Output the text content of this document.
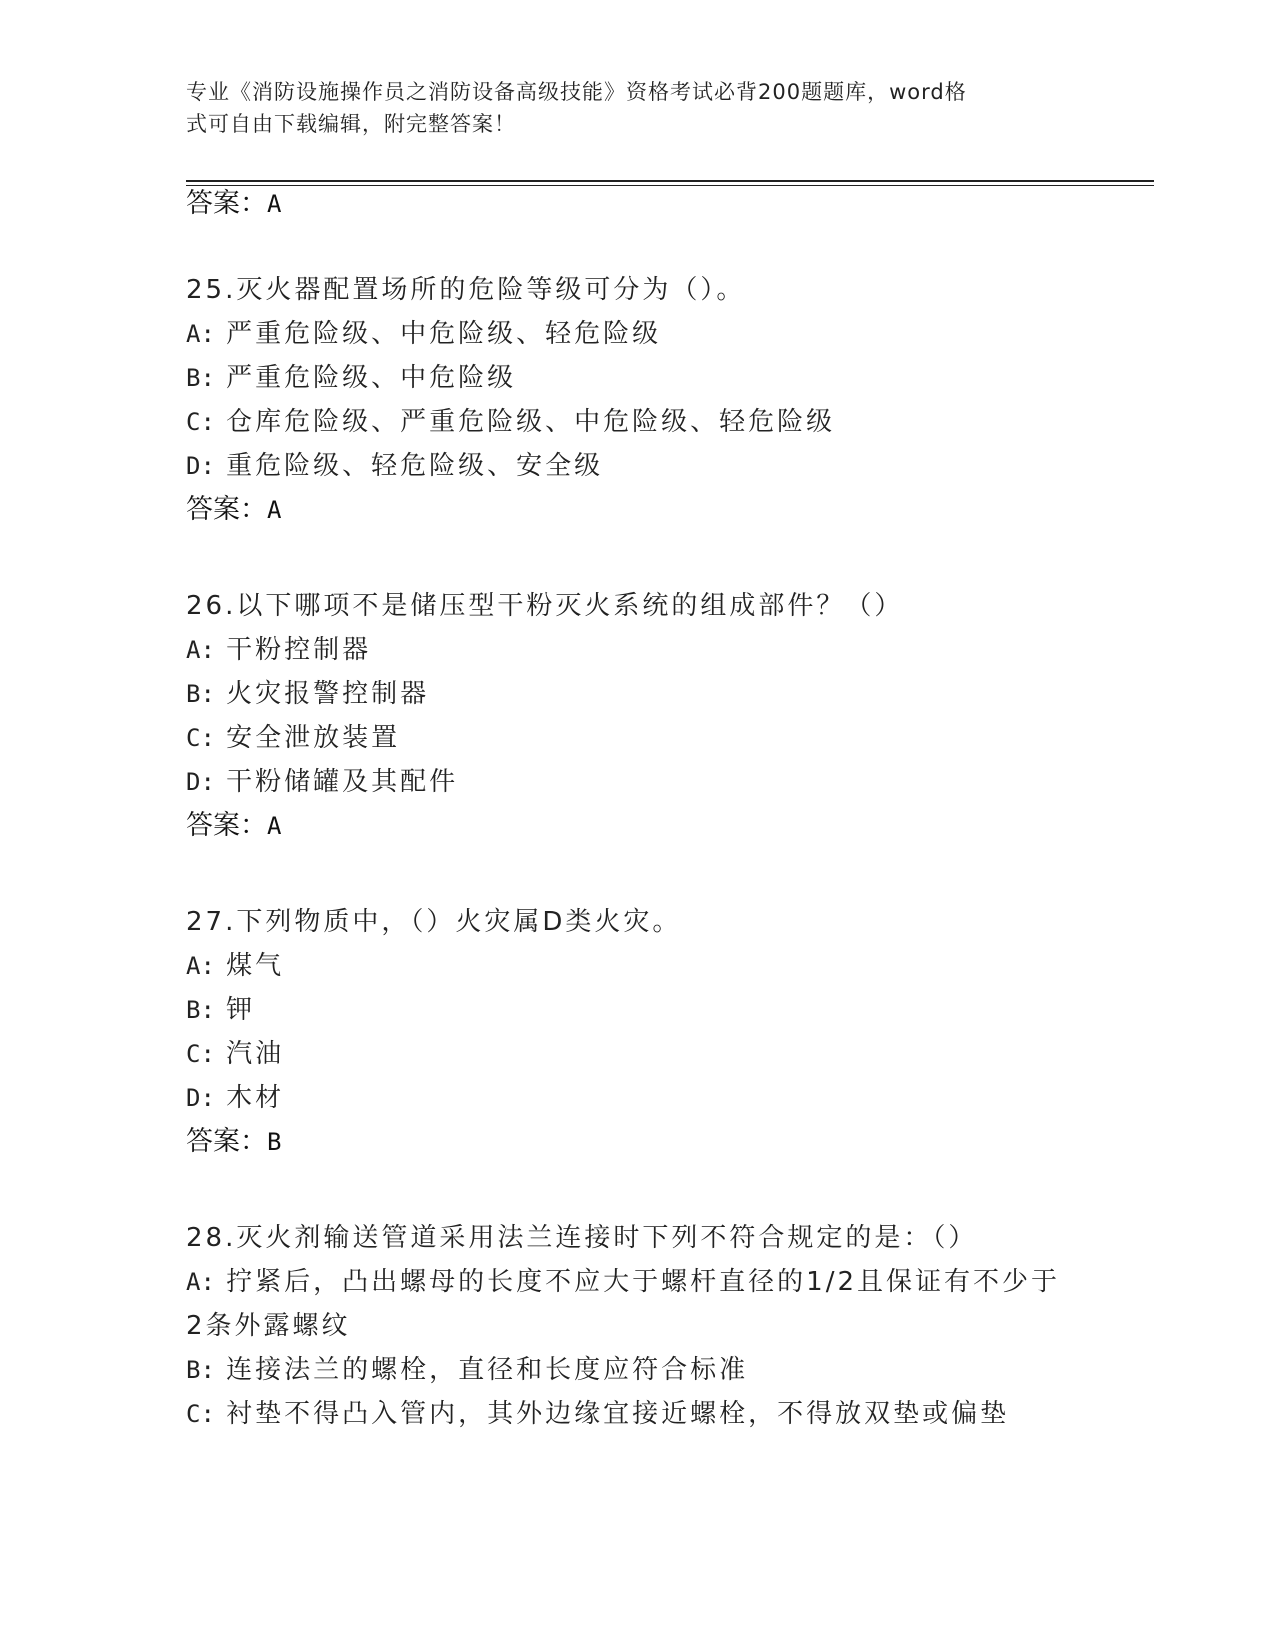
专业《消防设施操作员之消防设备高级技能》资格考试必背200题题库，word格
式可自由下载编辑，附完整答案！
答案：A
25.灭火器配置场所的危险等级可分为（）。
A: 严重危险级、中危险级、轻危险级
B: 严重危险级、中危险级
C: 仓库危险级、严重危险级、中危险级、轻危险级
D: 重危险级、轻危险级、安全级
答案：A
26.以下哪项不是储压型干粉灭火系统的组成部件？（）
A: 干粉控制器
B: 火灾报警控制器
C: 安全泄放装置
D: 干粉储罐及其配件
答案：A
27.下列物质中，（）火灾属D类火灾。
A: 煤气
B: 钾
C: 汽油
D: 木材
答案：B
28.灭火剂输送管道采用法兰连接时下列不符合规定的是：（）
A: 拧紧后，凸出螺母的长度不应大于螺杆直径的1/2且保证有不少于
2条外露螺纹
B: 连接法兰的螺栓，直径和长度应符合标准
C: 衬垫不得凸入管内，其外边缘宜接近螺栓，不得放双垫或偏垫
